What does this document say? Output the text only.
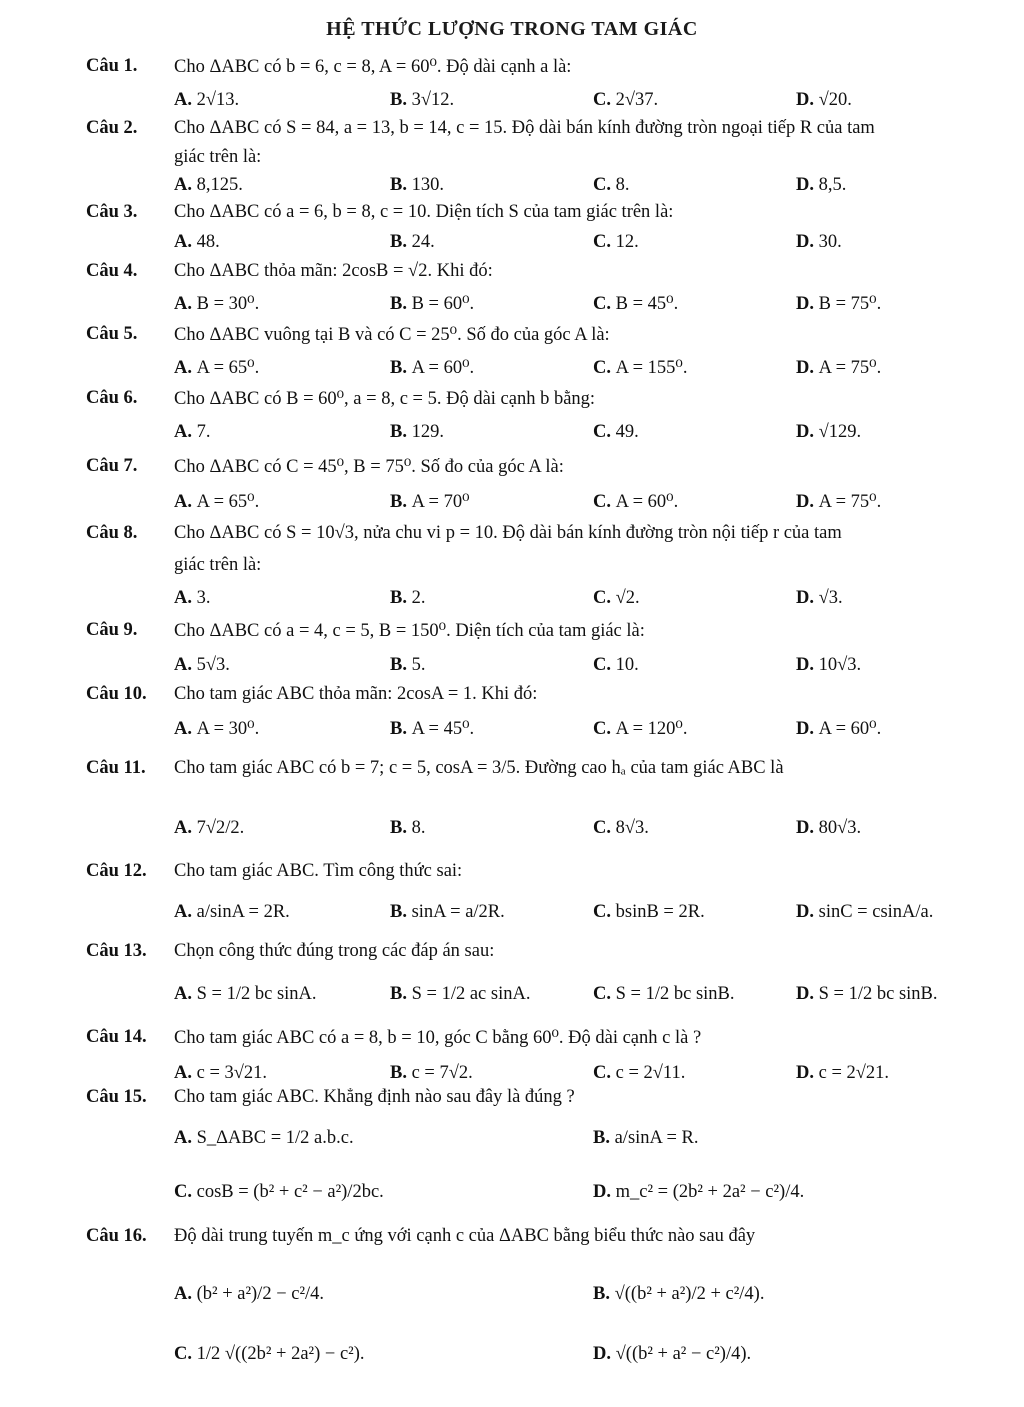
HỆ THỨC LƯỢNG TRONG TAM GIÁC
Câu 1. Cho ΔABC có b = 6, c = 8, A = 60⁰. Độ dài cạnh a là:
A. 2√13.	B. 3√12.	C. 2√37.	D. √20.
Câu 2. Cho ΔABC có S = 84, a = 13, b = 14, c = 15. Độ dài bán kính đường tròn ngoại tiếp R của tam
giác trên là:
A. 8,125.	B. 130.	C. 8.	D. 8,5.
Câu 3. Cho ΔABC có a = 6, b = 8, c = 10. Diện tích S của tam giác trên là:
A. 48.	B. 24.	C. 12.	D. 30.
Câu 4. Cho ΔABC thỏa mãn: 2cosB = √2. Khi đó:
A. B = 30⁰.	B. B = 60⁰.	C. B = 45⁰.	D. B = 75⁰.
Câu 5. Cho ΔABC vuông tại B và có C = 25⁰. Số đo của góc A là:
A. A = 65⁰.	B. A = 60⁰.	C. A = 155⁰.	D. A = 75⁰.
Câu 6. Cho ΔABC có B = 60⁰, a = 8, c = 5. Độ dài cạnh b bằng:
A. 7.	B. 129.	C. 49.	D. √129.
Câu 7. Cho ΔABC có C = 45⁰, B = 75⁰. Số đo của góc A là:
A. A = 65⁰.	B. A = 70⁰	C. A = 60⁰.	D. A = 75⁰.
Câu 8. Cho ΔABC có S = 10√3, nửa chu vi p = 10. Độ dài bán kính đường tròn nội tiếp r của tam
giác trên là:
A. 3.	B. 2.	C. √2.	D. √3.
Câu 9. Cho ΔABC có a = 4, c = 5, B = 150⁰. Diện tích của tam giác là:
A. 5√3.	B. 5.	C. 10.	D. 10√3.
Câu 10. Cho tam giác ABC thỏa mãn: 2cosA = 1. Khi đó:
A. A = 30⁰.	B. A = 45⁰.	C. A = 120⁰.	D. A = 60⁰.
Câu 11. Cho tam giác ABC có b = 7; c = 5, cosA = 3/5. Đường cao hₐ của tam giác ABC là
A. 7√2/2.	B. 8.	C. 8√3.	D. 80√3.
Câu 12. Cho tam giác ABC. Tìm công thức sai:
A. a/sinA = 2R.	B. sinA = a/2R.	C. bsinB = 2R.	D. sinC = csinA/a.
Câu 13. Chọn công thức đúng trong các đáp án sau:
A. S = 1/2 bc sinA.	B. S = 1/2 ac sinA.	C. S = 1/2 bc sinB.	D. S = 1/2 bc sinB.
Câu 14. Cho tam giác ABC có a = 8, b = 10, góc C bằng 60⁰. Độ dài cạnh c là ?
A. c = 3√21.	B. c = 7√2.	C. c = 2√11.	D. c = 2√21.
Câu 15. Cho tam giác ABC. Khẳng định nào sau đây là đúng ?
A. S_ΔABC = 1/2 a.b.c.	B. a/sinA = R.
C. cosB = (b² + c² − a²)/2bc.	D. m_c² = (2b² + 2a² − c²)/4.
Câu 16. Độ dài trung tuyến m_c ứng với cạnh c của ΔABC bằng biểu thức nào sau đây
A. (b² + a²)/2 − c²/4.	B. √((b² + a²)/2 + c²/4).
C. 1/2 √((2b² + 2a²) − c²).	D. √((b² + a² − c²)/4).
